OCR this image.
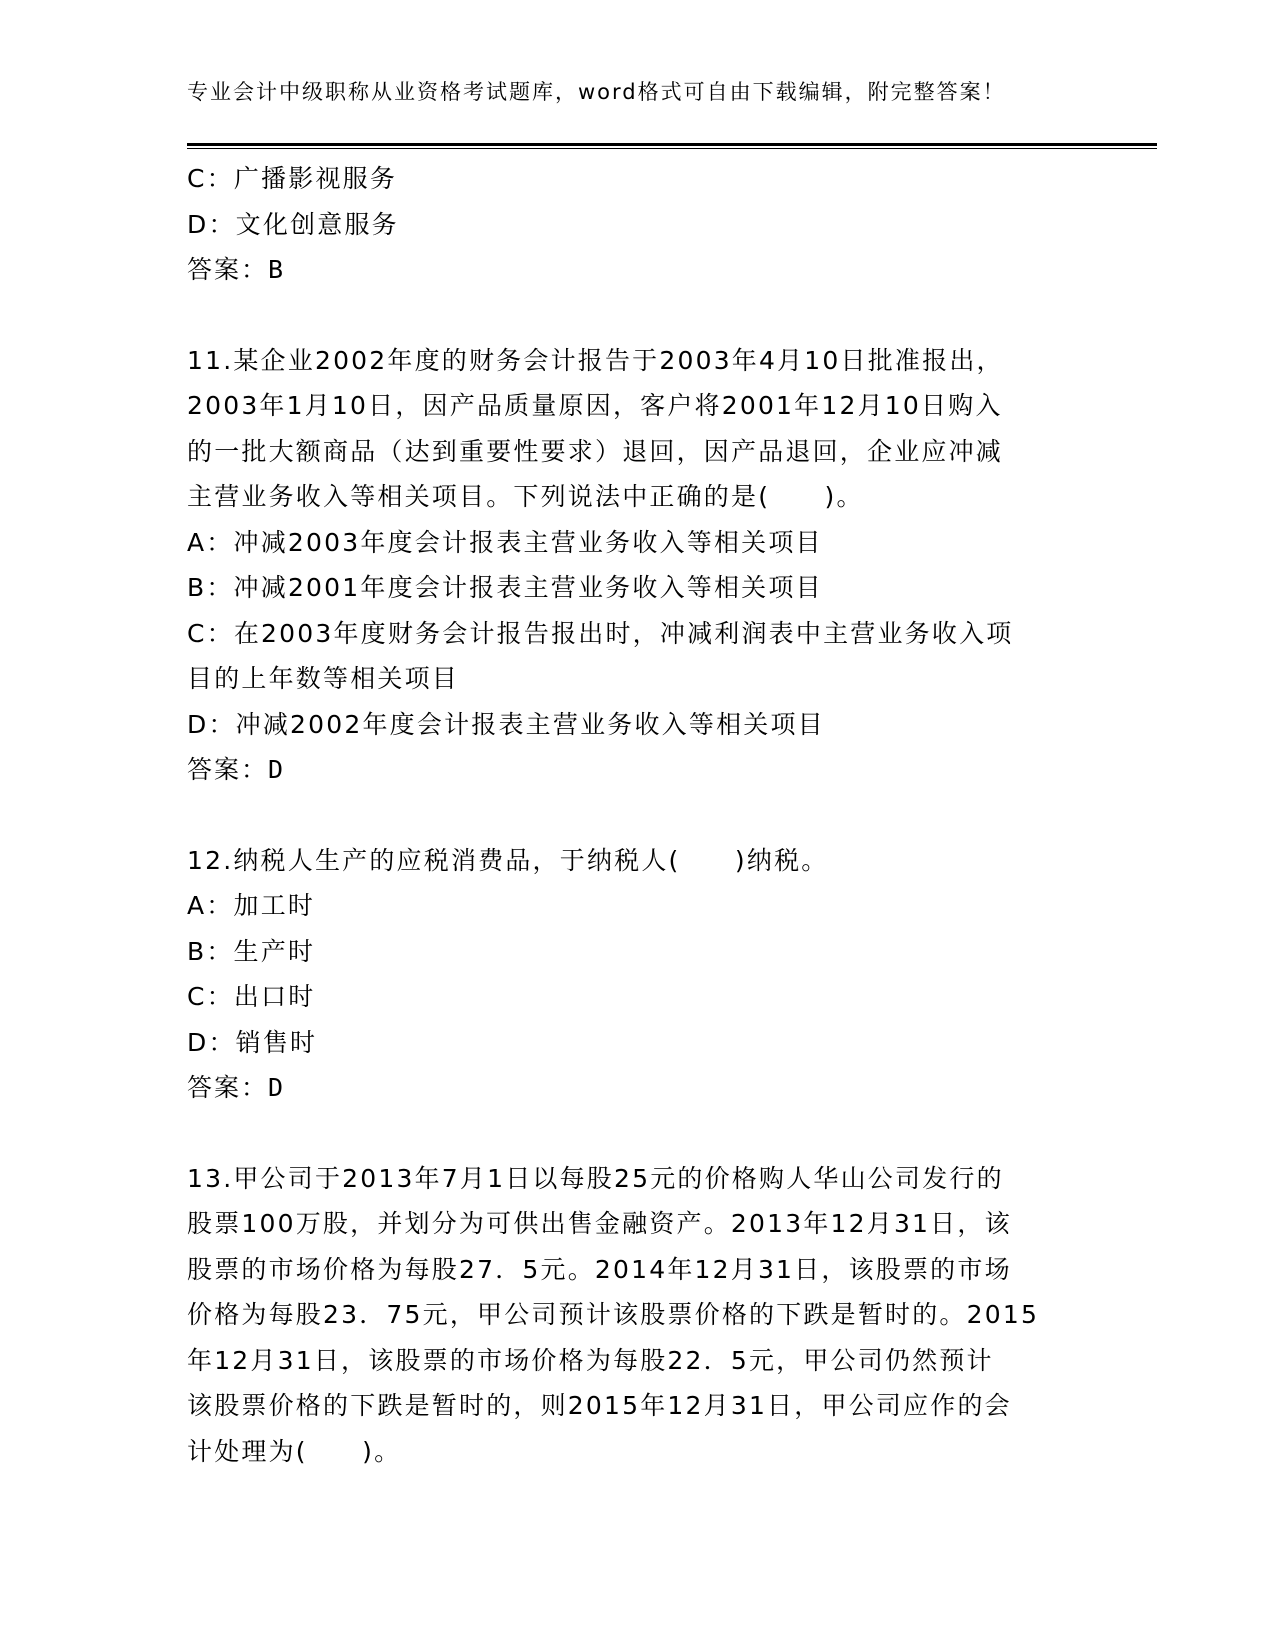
专业会计中级职称从业资格考试题库，word格式可自由下载编辑，附完整答案！
C：广播影视服务
D：文化创意服务
答案：B
11.某企业2002年度的财务会计报告于2003年4月10日批准报出，
2003年1月10日，因产品质量原因，客户将2001年12月10日购入
的一批大额商品（达到重要性要求）退回，因产品退回，企业应冲减
主营业务收入等相关项目。下列说法中正确的是(　　)。
A：冲减2003年度会计报表主营业务收入等相关项目
B：冲减2001年度会计报表主营业务收入等相关项目
C：在2003年度财务会计报告报出时，冲减利润表中主营业务收入项
目的上年数等相关项目
D：冲减2002年度会计报表主营业务收入等相关项目
答案：D
12.纳税人生产的应税消费品，于纳税人(　　)纳税。
A：加工时
B：生产时
C：出口时
D：销售时
答案：D
13.甲公司于2013年7月1日以每股25元的价格购人华山公司发行的
股票100万股，并划分为可供出售金融资产。2013年12月31日，该
股票的市场价格为每股27．5元。2014年12月31日，该股票的市场
价格为每股23．75元，甲公司预计该股票价格的下跌是暂时的。2015
年12月31日，该股票的市场价格为每股22．5元，甲公司仍然预计
该股票价格的下跌是暂时的，则2015年12月31日，甲公司应作的会
计处理为(　　)。
